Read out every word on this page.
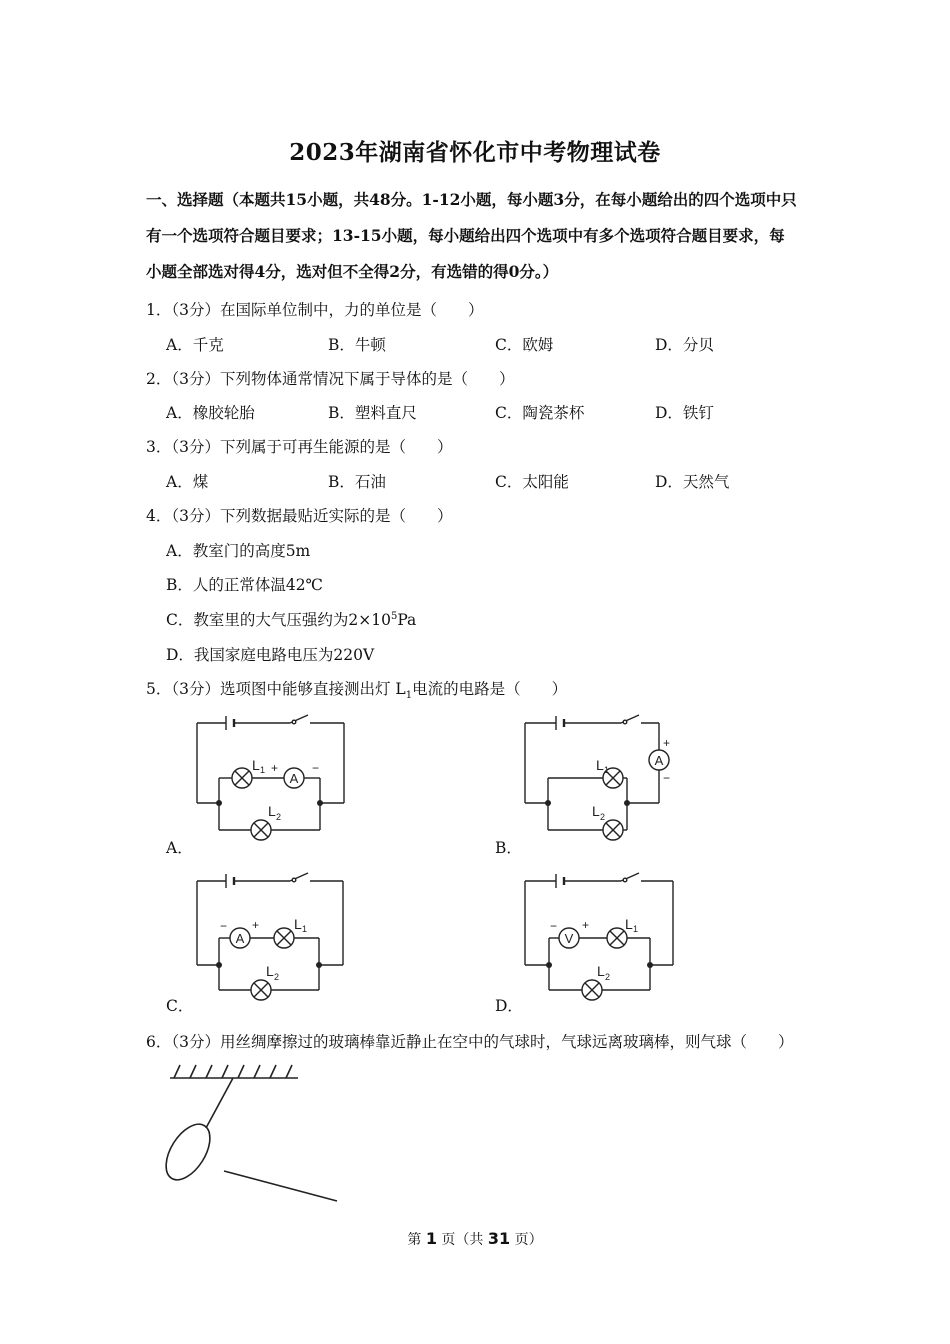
2023年湖南省怀化市中考物理试卷
一、选择题（本题共15小题，共48分。1-12小题，每小题3分，在每小题给出的四个选项中只
有一个选项符合题目要求；13-15小题，每小题给出四个选项中有多个选项符合题目要求，每
小题全部选对得4分，选对但不全得2分，有选错的得0分。）
1．（3分）在国际单位制中，力的单位是（　　）
A．千克	B．牛顿	C．欧姆	D．分贝
2．（3分）下列物体通常情况下属于导体的是（　　）
A．橡胶轮胎	B．塑料直尺	C．陶瓷茶杯	D．铁钉
3．（3分）下列属于可再生能源的是（　　）
A．煤	B．石油	C．太阳能	D．天然气
4．（3分）下列数据最贴近实际的是（　　）
A．教室门的高度5m
B．人的正常体温42℃
C．教室里的大气压强约为$2\times 10^5Pa$
D．我国家庭电路电压为220V
5．（3分）选项图中能够直接测出灯 $L_1$电流的电路是（　　）
A
L 1 +	−
L 2
A．
A
+
−
L 1
L 2
B．
A
− + L 1
L 2
C．
V
− +	L 1
L 2
D．
6．（3分）用丝绸摩擦过的玻璃棒靠近静止在空中的气球时，气球远离玻璃棒，则气球（　　）
第 1 页（共 31 页）
